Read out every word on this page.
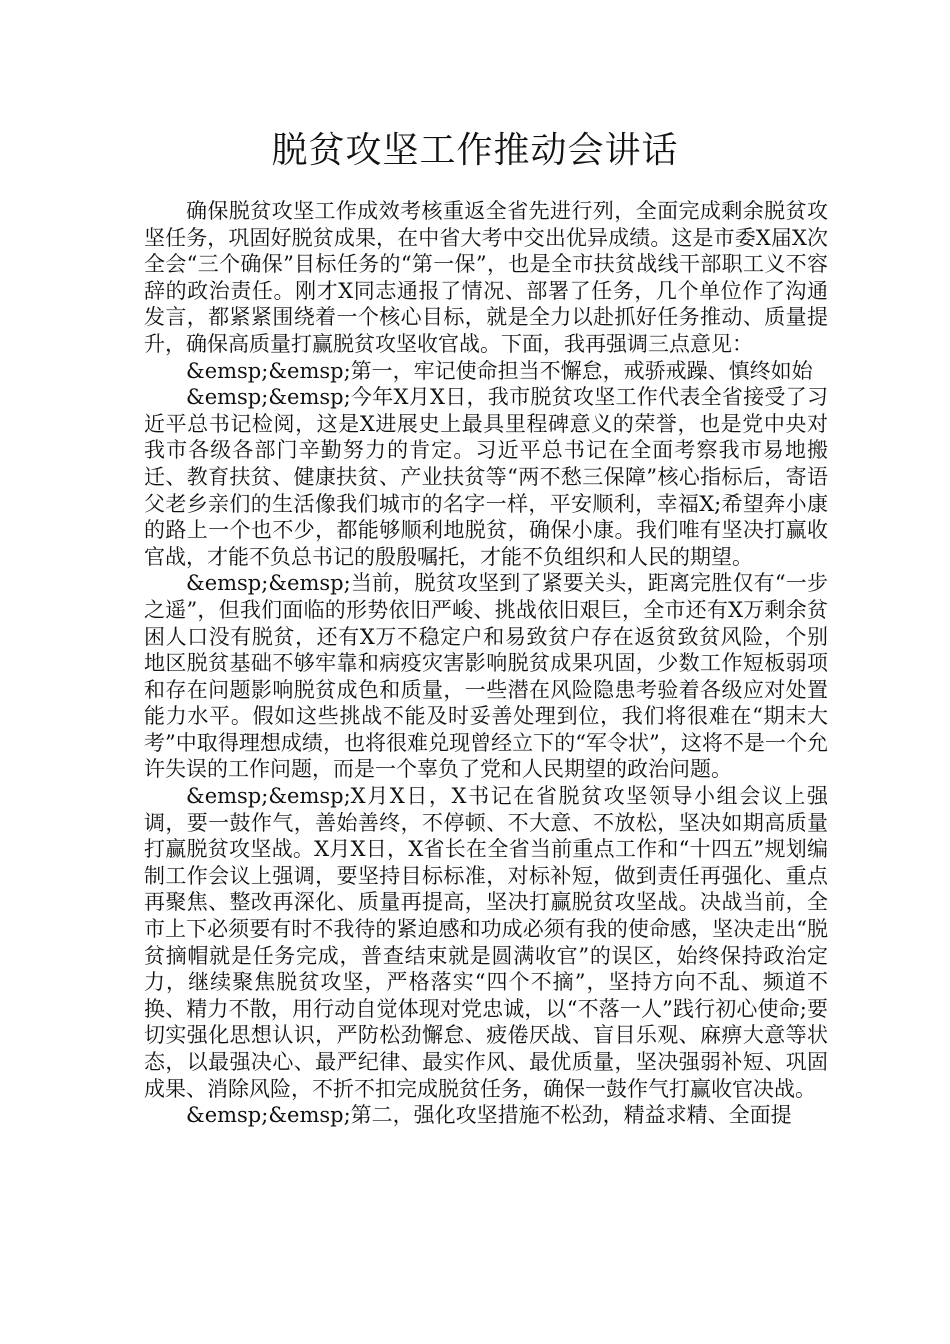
脱贫攻坚工作推动会讲话

确保脱贫攻坚工作成效考核重返全省先进行列，全面完成剩余脱贫攻坚任务，巩固好脱贫成果，在中省大考中交出优异成绩。这是市委X届X次全会“三个确保”目标任务的“第一保”，也是全市扶贫战线干部职工义不容辞的政治责任。刚才X同志通报了情况、部署了任务，几个单位作了沟通发言，都紧紧围绕着一个核心目标，就是全力以赴抓好任务推动、质量提升，确保高质量打赢脱贫攻坚收官战。下面，我再强调三点意见：

&emsp;&emsp;第一，牢记使命担当不懈怠，戒骄戒躁、慎终如始

&emsp;&emsp;今年X月X日，我市脱贫攻坚工作代表全省接受了习近平总书记检阅，这是X进展史上最具里程碑意义的荣誉，也是党中央对我市各级各部门辛勤努力的肯定。习近平总书记在全面考察我市易地搬迁、教育扶贫、健康扶贫、产业扶贫等“两不愁三保障”核心指标后，寄语父老乡亲们的生活像我们城市的名字一样，平安顺利，幸福X;希望奔小康的路上一个也不少，都能够顺利地脱贫，确保小康。我们唯有坚决打赢收官战，才能不负总书记的殷殷嘱托，才能不负组织和人民的期望。

&emsp;&emsp;当前，脱贫攻坚到了紧要关头，距离完胜仅有“一步之遥”，但我们面临的形势依旧严峻、挑战依旧艰巨，全市还有X万剩余贫困人口没有脱贫，还有X万不稳定户和易致贫户存在返贫致贫风险，个别地区脱贫基础不够牢靠和病疫灾害影响脱贫成果巩固，少数工作短板弱项和存在问题影响脱贫成色和质量，一些潜在风险隐患考验着各级应对处置能力水平。假如这些挑战不能及时妥善处理到位，我们将很难在“期末大考”中取得理想成绩，也将很难兑现曾经立下的“军令状”，这将不是一个允许失误的工作问题，而是一个辜负了党和人民期望的政治问题。

&emsp;&emsp;X月X日，X书记在省脱贫攻坚领导小组会议上强调，要一鼓作气，善始善终，不停顿、不大意、不放松，坚决如期高质量打赢脱贫攻坚战。X月X日，X省长在全省当前重点工作和“十四五”规划编制工作会议上强调，要坚持目标标准，对标补短，做到责任再强化、重点再聚焦、整改再深化、质量再提高，坚决打赢脱贫攻坚战。决战当前，全市上下必须要有时不我待的紧迫感和功成必须有我的使命感，坚决走出“脱贫摘帽就是任务完成，普查结束就是圆满收官”的误区，始终保持政治定力，继续聚焦脱贫攻坚，严格落实“四个不摘”，坚持方向不乱、频道不换、精力不散，用行动自觉体现对党忠诚，以“不落一人”践行初心使命;要切实强化思想认识，严防松劲懈怠、疲倦厌战、盲目乐观、麻痹大意等状态，以最强决心、最严纪律、最实作风、最优质量，坚决强弱补短、巩固成果、消除风险，不折不扣完成脱贫任务，确保一鼓作气打赢收官决战。

&emsp;&emsp;第二，强化攻坚措施不松劲，精益求精、全面提
